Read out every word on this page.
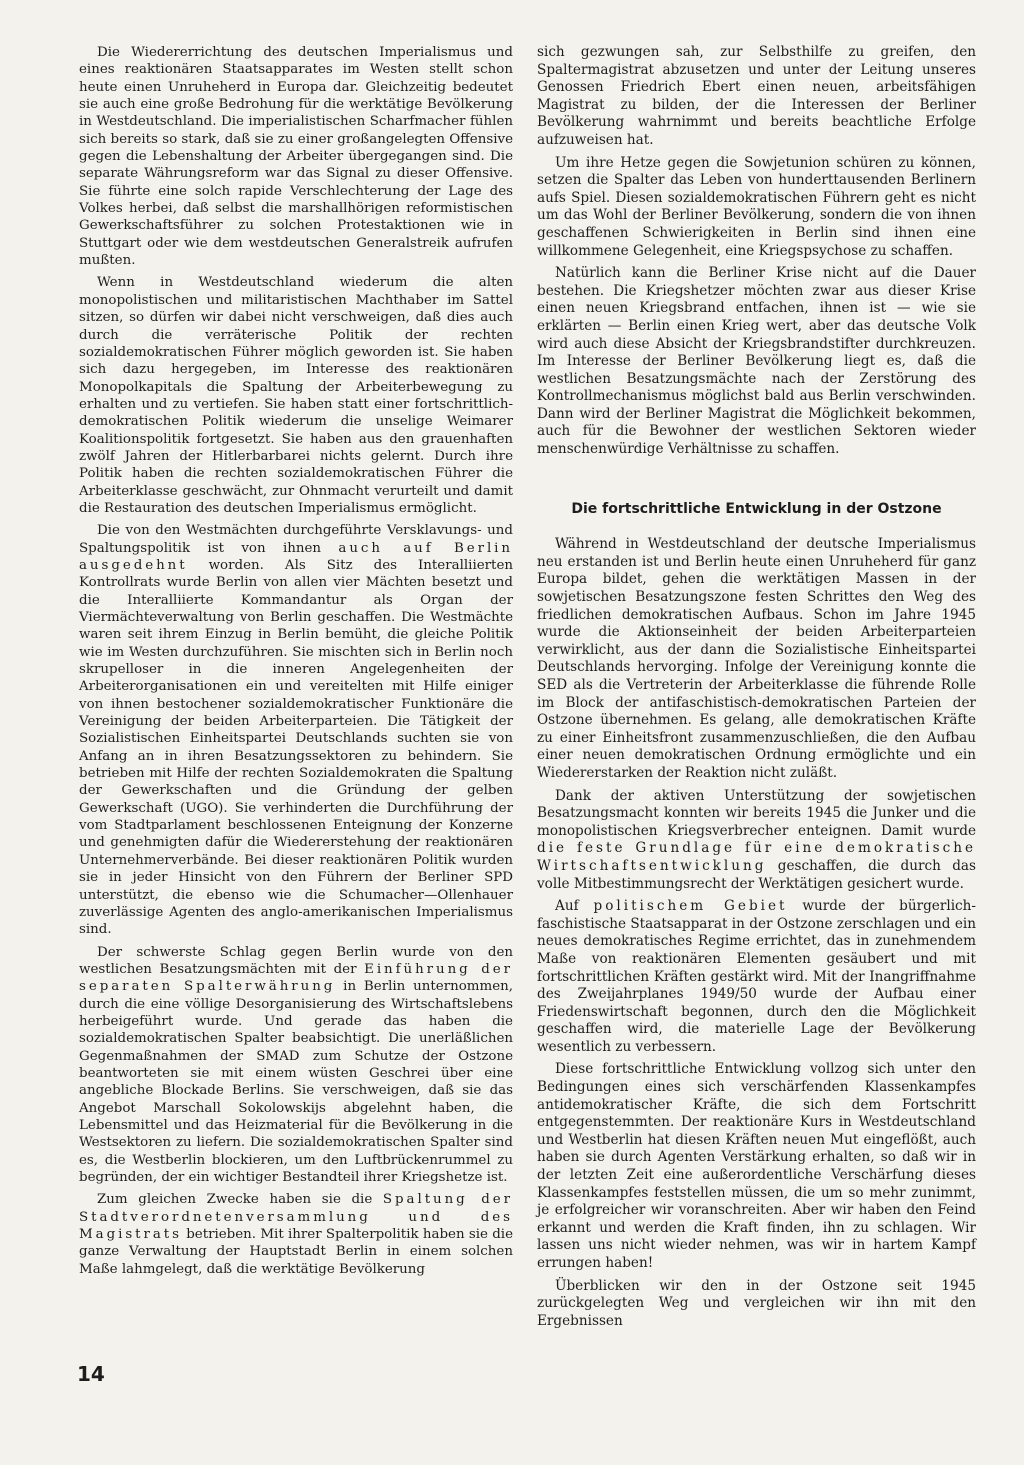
Die Wiedererrichtung des deutschen Imperialismus und eines reaktionären Staatsapparates im Westen stellt schon heute einen Unruheherd in Europa dar. Gleichzeitig bedeutet sie auch eine große Bedrohung für die werktätige Bevölkerung in Westdeutschland. Die imperialistischen Scharfmacher fühlen sich bereits so stark, daß sie zu einer großangelegten Offensive gegen die Lebenshaltung der Arbeiter übergegangen sind. Die separate Währungsreform war das Signal zu dieser Offensive. Sie führte eine solch rapide Verschlechterung der Lage des Volkes herbei, daß selbst die marshallhörigen reformistischen Gewerkschaftsführer zu solchen Protestaktionen wie in Stuttgart oder wie dem westdeutschen Generalstreik aufrufen mußten.

Wenn in Westdeutschland wiederum die alten monopolistischen und militaristischen Machthaber im Sattel sitzen, so dürfen wir dabei nicht verschweigen, daß dies auch durch die verräterische Politik der rechten sozialdemokratischen Führer möglich geworden ist. Sie haben sich dazu hergegeben, im Interesse des reaktionären Monopolkapitals die Spaltung der Arbeiterbewegung zu erhalten und zu vertiefen. Sie haben statt einer fortschrittlich-demokratischen Politik wiederum die unselige Weimarer Koalitionspolitik fortgesetzt. Sie haben aus den grauenhaften zwölf Jahren der Hitlerbarbarei nichts gelernt. Durch ihre Politik haben die rechten sozialdemokratischen Führer die Arbeiterklasse geschwächt, zur Ohnmacht verurteilt und damit die Restauration des deutschen Imperialismus ermöglicht.

Die von den Westmächten durchgeführte Versklavungs- und Spaltungspolitik ist von ihnen auch auf Berlin ausgedehnt worden. Als Sitz des Interalliierten Kontrollrats wurde Berlin von allen vier Mächten besetzt und die Interalliierte Kommandantur als Organ der Viermächteverwaltung von Berlin geschaffen. Die Westmächte waren seit ihrem Einzug in Berlin bemüht, die gleiche Politik wie im Westen durchzuführen. Sie mischten sich in Berlin noch skrupelloser in die inneren Angelegenheiten der Arbeiterorganisationen ein und vereitelten mit Hilfe einiger von ihnen bestochener sozialdemokratischer Funktionäre die Vereinigung der beiden Arbeiterparteien. Die Tätigkeit der Sozialistischen Einheitspartei Deutschlands suchten sie von Anfang an in ihren Besatzungssektoren zu behindern. Sie betrieben mit Hilfe der rechten Sozialdemokraten die Spaltung der Gewerkschaften und die Gründung der gelben Gewerkschaft (UGO). Sie verhinderten die Durchführung der vom Stadtparlament beschlossenen Enteignung der Konzerne und genehmigten dafür die Wiedererstehung der reaktionären Unternehmerverbände. Bei dieser reaktionären Politik wurden sie in jeder Hinsicht von den Führern der Berliner SPD unterstützt, die ebenso wie die Schumacher—Ollenhauer zuverlässige Agenten des anglo-amerikanischen Imperialismus sind.

Der schwerste Schlag gegen Berlin wurde von den westlichen Besatzungsmächten mit der Einführung der separaten Spalterwährung in Berlin unternommen, durch die eine völlige Desorganisierung des Wirtschaftslebens herbeigeführt wurde. Und gerade das haben die sozialdemokratischen Spalter beabsichtigt. Die unerläßlichen Gegenmaßnahmen der SMAD zum Schutze der Ostzone beantworteten sie mit einem wüsten Geschrei über eine angebliche Blockade Berlins. Sie verschweigen, daß sie das Angebot Marschall Sokolowskijs abgelehnt haben, die Lebensmittel und das Heizmaterial für die Bevölkerung in die Westsektoren zu liefern. Die sozialdemokratischen Spalter sind es, die Westberlin blockieren, um den Luftbrückenrummel zu begründen, der ein wichtiger Bestandteil ihrer Kriegshetze ist.

Zum gleichen Zwecke haben sie die Spaltung der Stadtverordnetenversammlung und des Magistrats betrieben. Mit ihrer Spalterpolitik haben sie die ganze Verwaltung der Hauptstadt Berlin in einem solchen Maße lahmgelegt, daß die werktätige Bevölkerung

sich gezwungen sah, zur Selbsthilfe zu greifen, den Spaltermagistrat abzusetzen und unter der Leitung unseres Genossen Friedrich Ebert einen neuen, arbeitsfähigen Magistrat zu bilden, der die Interessen der Berliner Bevölkerung wahrnimmt und bereits beachtliche Erfolge aufzuweisen hat.

Um ihre Hetze gegen die Sowjetunion schüren zu können, setzen die Spalter das Leben von hunderttausenden Berlinern aufs Spiel. Diesen sozialdemokratischen Führern geht es nicht um das Wohl der Berliner Bevölkerung, sondern die von ihnen geschaffenen Schwierigkeiten in Berlin sind ihnen eine willkommene Gelegenheit, eine Kriegspsychose zu schaffen.

Natürlich kann die Berliner Krise nicht auf die Dauer bestehen. Die Kriegshetzer möchten zwar aus dieser Krise einen neuen Kriegsbrand entfachen, ihnen ist — wie sie erklärten — Berlin einen Krieg wert, aber das deutsche Volk wird auch diese Absicht der Kriegsbrandstifter durchkreuzen. Im Interesse der Berliner Bevölkerung liegt es, daß die westlichen Besatzungsmächte nach der Zerstörung des Kontrollmechanismus möglichst bald aus Berlin verschwinden. Dann wird der Berliner Magistrat die Möglichkeit bekommen, auch für die Bewohner der westlichen Sektoren wieder menschenwürdige Verhältnisse zu schaffen.

Die fortschrittliche Entwicklung in der Ostzone

Während in Westdeutschland der deutsche Imperialismus neu erstanden ist und Berlin heute einen Unruheherd für ganz Europa bildet, gehen die werktätigen Massen in der sowjetischen Besatzungszone festen Schrittes den Weg des friedlichen demokratischen Aufbaus. Schon im Jahre 1945 wurde die Aktionseinheit der beiden Arbeiterparteien verwirklicht, aus der dann die Sozialistische Einheitspartei Deutschlands hervorging. Infolge der Vereinigung konnte die SED als die Vertreterin der Arbeiterklasse die führende Rolle im Block der antifaschistisch-demokratischen Parteien der Ostzone übernehmen. Es gelang, alle demokratischen Kräfte zu einer Einheitsfront zusammenzuschließen, die den Aufbau einer neuen demokratischen Ordnung ermöglichte und ein Wiedererstarken der Reaktion nicht zuläßt.

Dank der aktiven Unterstützung der sowjetischen Besatzungsmacht konnten wir bereits 1945 die Junker und die monopolistischen Kriegsverbrecher enteignen. Damit wurde die feste Grundlage für eine demokratische Wirtschaftsentwicklung geschaffen, die durch das volle Mitbestimmungsrecht der Werktätigen gesichert wurde.

Auf politischem Gebiet wurde der bürgerlich-faschistische Staatsapparat in der Ostzone zerschlagen und ein neues demokratisches Regime errichtet, das in zunehmendem Maße von reaktionären Elementen gesäubert und mit fortschrittlichen Kräften gestärkt wird. Mit der Inangriffnahme des Zweijahrplanes 1949/50 wurde der Aufbau einer Friedenswirtschaft begonnen, durch den die Möglichkeit geschaffen wird, die materielle Lage der Bevölkerung wesentlich zu verbessern.

Diese fortschrittliche Entwicklung vollzog sich unter den Bedingungen eines sich verschärfenden Klassenkampfes antidemokratischer Kräfte, die sich dem Fortschritt entgegenstemmten. Der reaktionäre Kurs in Westdeutschland und Westberlin hat diesen Kräften neuen Mut eingeflößt, auch haben sie durch Agenten Verstärkung erhalten, so daß wir in der letzten Zeit eine außerordentliche Verschärfung dieses Klassenkampfes feststellen müssen, die um so mehr zunimmt, je erfolgreicher wir voranschreiten. Aber wir haben den Feind erkannt und werden die Kraft finden, ihn zu schlagen. Wir lassen uns nicht wieder nehmen, was wir in hartem Kampf errungen haben!

Überblicken wir den in der Ostzone seit 1945 zurückgelegten Weg und vergleichen wir ihn mit den Ergebnissen

14
